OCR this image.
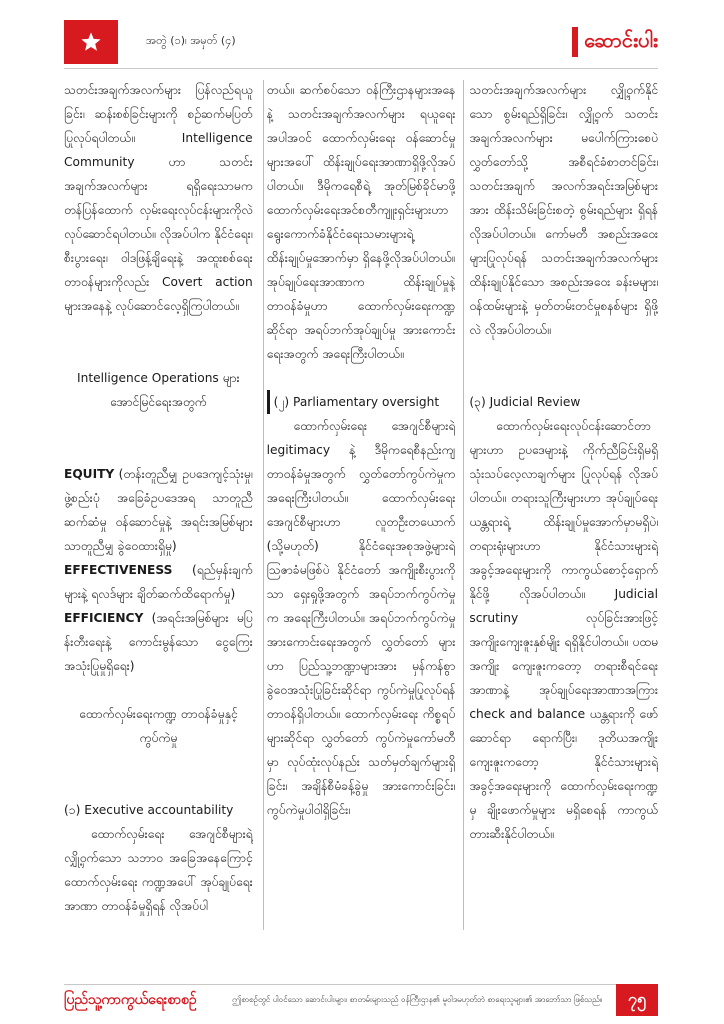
အတွဲ (၁)၊ အမှတ် (၄)	ဆောင်းပါး

သတင်းအချက်အလက်များ ပြန်လည်ရယူခြင်း၊ ဆန်းစစ်ခြင်းများကို စဉ်ဆက်မပြတ် ပြုလုပ်ရပါတယ်။ Intelligence Community ဟာ သတင်းအချက်အလက်များ ရရှိရေးသာမက တန်ပြန်ထောက် လှမ်းရေးလုပ်ငန်းများကိုလဲ လုပ်ဆောင်ရပါတယ်။ လိုအပ်ပါက နိုင်ငံရေး၊ စီးပွားရေး၊ ဝါဒဖြန့်ချိရေးနဲ့ အထူးစစ်ရေးတာဝန်များကိုလည်း Covert action များအနေနဲ့ လုပ်ဆောင်လေ့ရှိကြပါတယ်။

Intelligence Operations များ အောင်မြင်ရေးအတွက်

EQUITY (တန်းတူညီမျှ ဥပဒေကျင့်သုံးမှု၊ ဖွဲ့စည်းပုံ အခြေခံဥပဒေအရ သာတူညီ ဆက်ဆံမှု ဝန်ဆောင်မှုနဲ့ အရင်းအမြစ်များ သာတူညီမျှ ခွဲဝေထားရှိမှု)

EFFECTIVENESS (ရည်မှန်းချက်များနဲ့ ရလဒ်များ ချိတ်ဆက်ထိရောက်မှု)

EFFICIENCY (အရင်းအမြစ်များ မပြန်းတီးရေးနဲ့ ကောင်းမွန်သော ငွေကြေးအသုံးပြုမှုရှိရေး)

ထောက်လှမ်းရေးကဏ္ဍ တာဝန်ခံမှုနှင့် ကွပ်ကဲမှု

(၁) Executive accountability

ထောက်လှမ်းရေး အေဂျင်စီများရဲ့ လျှို့ဝှက်သော သဘာဝ အခြေအနေကြောင့် ထောက်လှမ်းရေး ကဏ္ဍအပေါ် အုပ်ချုပ်ရေးအာဏာ တာဝန်ခံမှုရှိရန် လိုအပ်ပါ

တယ်။ ဆက်စပ်သော ဝန်ကြီးဌာနများအနေနဲ့ သတင်းအချက်အလက်များ ရယူရေးအပါအဝင် ထောက်လှမ်းရေး ဝန်ဆောင်မှုများအပေါ် ထိန်းချုပ်ရေးအာဏာရှိဖို့လိုအပ်ပါတယ်။ ဒီမိုကရေစီရဲ့ အုတ်မြစ်ခိုင်မာဖို့ထောက်လှမ်းရေးအင်စတီကျူးရှင်းများဟာ ရွေးကောက်ခံနိုင်ငံရေးသမားများရဲ့ ထိန်းချုပ်မှုအောက်မှာ ရှိနေဖို့လိုအပ်ပါတယ်။ အုပ်ချုပ်ရေးအာဏာက ထိန်းချုပ်မှုနဲ့ တာဝန်ခံမှုဟာ ထောက်လှမ်းရေးကဏ္ဍဆိုင်ရာ အရပ်ဘက်အုပ်ချုပ်မှု အားကောင်းရေးအတွက် အရေးကြီးပါတယ်။

(၂) Parliamentary oversight

ထောက်လှမ်းရေး အေဂျင်စီများရဲ့ legitimacy နဲ့ ဒီမိုကရေစီနည်းကျ တာဝန်ခံမှုအတွက် လွှတ်တော်ကွပ်ကဲမှုက အရေးကြီးပါတယ်။ ထောက်လှမ်းရေး အေဂျင်စီများဟာ လူတဦးတယောက် (သို့မဟုတ်) နိုင်ငံရေးအစုအဖွဲ့များရဲ့ ဩဇာခံမဖြစ်ပဲ နိုင်ငံတော် အကျိုးစီးပွားကိုသာ ရှေးရှုဖို့အတွက် အရပ်ဘက်ကွပ်ကဲမှုက အရေးကြီးပါတယ်။ အရပ်ဘက်ကွပ်ကဲမှု အားကောင်းရေးအတွက် လွှတ်တော် များဟာ ပြည်သူ့ဘဏ္ဍာများအား မှန်ကန်စွာ ခွဲဝေအသုံးပြုခြင်းဆိုင်ရာ ကွပ်ကဲမှုပြုလုပ်ရန် တာဝန်ရှိပါတယ်။ ထောက်လှမ်းရေး ကိစ္စရပ်များဆိုင်ရာ လွှတ်တော် ကွပ်ကဲမှုကော်မတီမှာ လုပ်ထုံးလုပ်နည်း သတ်မှတ်ချက်များရှိခြင်း၊ အချိန်စီမံခန့်ခွဲမှု အားကောင်းခြင်း၊ ကွပ်ကဲမှုပါဝါရှိခြင်း၊

သတင်းအချက်အလက်များ လျှို့ဝှက်နိုင်သော စွမ်းရည်ရှိခြင်း၊ လျှို့ဝှက် သတင်းအချက်အလက်များ မပေါက်ကြားစေပဲ လွှတ်တော်သို့ အစီရင်ခံစာတင်ခြင်း၊ သတင်းအချက် အလက်အရင်းအမြစ်များအား ထိန်းသိမ်းခြင်းစတဲ့ စွမ်းရည်များ ရှိရန် လိုအပ်ပါတယ်။ ကော်မတီ အစည်းအဝေးများပြုလုပ်ရန် သတင်းအချက်အလက်များ ထိန်းချုပ်နိုင်သော အစည်းအဝေး ခန်းမများ၊ ဝန်ထမ်းများနဲ့ မှတ်တမ်းတင်မှုစနစ်များ ရှိဖို့လဲ လိုအပ်ပါတယ်။

(၃) Judicial Review

ထောက်လှမ်းရေးလုပ်ငန်းဆောင်တာများဟာ ဥပဒေများနဲ့ ကိုက်ညီခြင်းရှိမရှိ သုံးသပ်လေ့လာချက်များ ပြုလုပ်ရန် လိုအပ်ပါတယ်။ တရားသူကြီးများဟာ အုပ်ချုပ်ရေးယန္တရားရဲ့ ထိန်းချုပ်မှုအောက်မှာမရှိပဲ၊ တရားရုံးများဟာ နိုင်ငံသားများရဲ့ အခွင့်အရေးများကို ကာကွယ်စောင့်ရှောက်နိုင်ဖို့ လိုအပ်ပါတယ်။ Judicial scrutiny လုပ်ခြင်းအားဖြင့် အကျိုးကျေးဇူးနှစ်မျိုး ရရှိနိုင်ပါတယ်။ ပထမအကျိုး ကျေးဇူးကတော့ တရားစီရင်ရေးအာဏာနဲ့ အုပ်ချုပ်ရေးအာဏာအကြား check and balance ယန္တရားကို ဖော်ဆောင်ရာ ရောက်ပြီး၊ ဒုတိယအကျိုး ကျေးဇူးကတော့ နိုင်ငံသားများရဲ့ အခွင့်အရေးများကို ထောက်လှမ်းရေးကဏ္ဍမှ ချိုးဖောက်မှုများ မရှိစေရန် ကာကွယ်တားဆီးနိုင်ပါတယ်။

ပြည်သူ့ကာကွယ်ရေးစာစဉ်	ဤစာစဉ်တွင် ပါဝင်သော ဆောင်းပါးများ၊ စာတမ်းများသည် ဝန်ကြီးဌာန၏ မူဝါဒမဟုတ်ဘဲ စာရေးသူများ၏ အာဘော်သာ ဖြစ်သည်။	၇၅
